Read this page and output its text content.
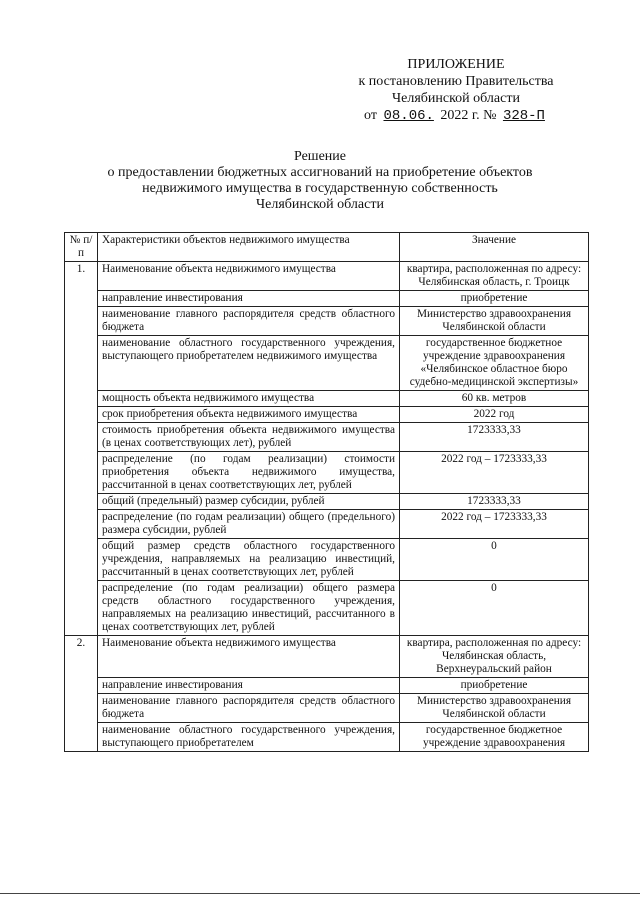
ПРИЛОЖЕНИЕ
к постановлению Правительства
Челябинской области
от 08.06. 2022 г. № 328-П
Решение
о предоставлении бюджетных ассигнований на приобретение объектов
недвижимого имущества в государственную собственность
Челябинской области
№ п/п	Характеристики объектов недвижимого имущества	Значение
1.	Наименование объекта недвижимого имущества	квартира, расположенная по адресу: Челябинская область, г. Троицк
	направление инвестирования	приобретение
	наименование главного распорядителя средств областного бюджета	Министерство здравоохранения Челябинской области
	наименование областного государственного учреждения, выступающего приобретателем недвижимого имущества	государственное бюджетное учреждение здравоохранения «Челябинское областное бюро судебно-медицинской экспертизы»
	мощность объекта недвижимого имущества	60 кв. метров
	срок приобретения объекта недвижимого имущества	2022 год
	стоимость приобретения объекта недвижимого имущества (в ценах соответствующих лет), рублей	1723333,33
	распределение (по годам реализации) стоимости приобретения объекта недвижимого имущества, рассчитанной в ценах соответствующих лет, рублей	2022 год – 1723333,33
	общий (предельный) размер субсидии, рублей	1723333,33
	распределение (по годам реализации) общего (предельного) размера субсидии, рублей	2022 год – 1723333,33
	общий размер средств областного государственного учреждения, направляемых на реализацию инвестиций, рассчитанный в ценах соответствующих лет, рублей	0
	распределение (по годам реализации) общего размера средств областного государственного учреждения, направляемых на реализацию инвестиций, рассчитанного в ценах соответствующих лет, рублей	0
2.	Наименование объекта недвижимого имущества	квартира, расположенная по адресу: Челябинская область, Верхнеуральский район
	направление инвестирования	приобретение
	наименование главного распорядителя средств областного бюджета	Министерство здравоохранения Челябинской области
	наименование областного государственного учреждения, выступающего приобретателем	государственное бюджетное учреждение здравоохранения
